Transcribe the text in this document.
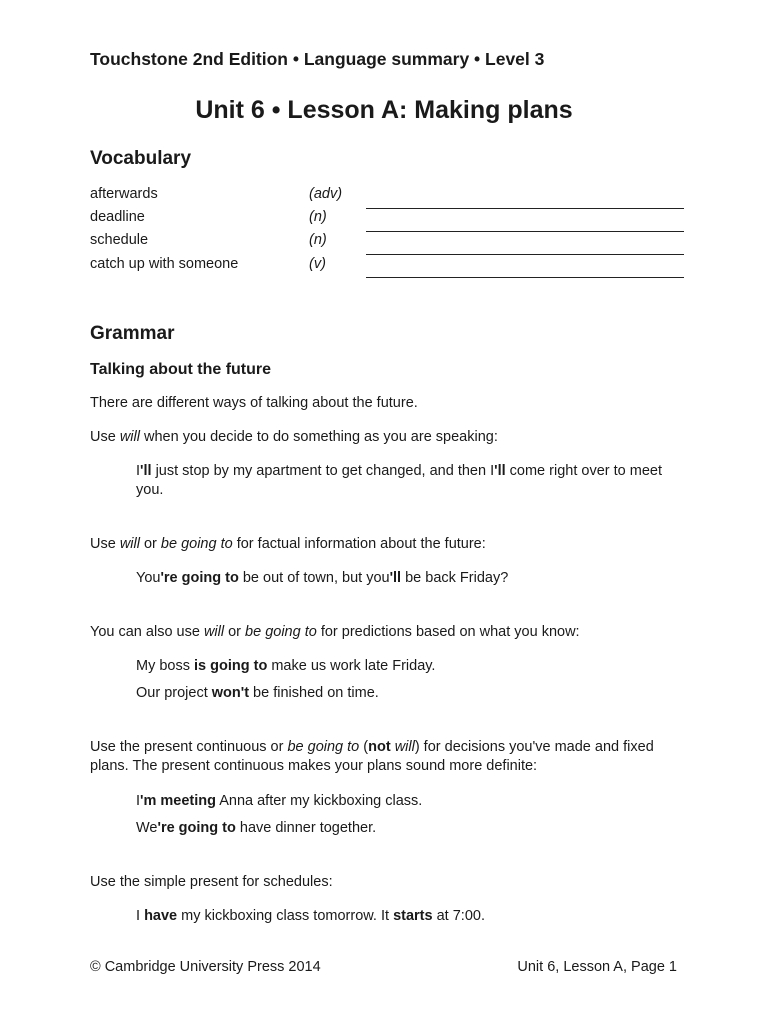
Touchstone 2nd Edition • Language summary • Level 3
Unit 6 • Lesson A: Making plans
Vocabulary
afterwards	(adv)
deadline	(n)
schedule	(n)
catch up with someone	(v)
Grammar
Talking about the future
There are different ways of talking about the future.
Use will when you decide to do something as you are speaking:
I'll just stop by my apartment to get changed, and then I'll come right over to meet you.
Use will or be going to for factual information about the future:
You're going to be out of town, but you'll be back Friday?
You can also use will or be going to for predictions based on what you know:
My boss is going to make us work late Friday.
Our project won't be finished on time.
Use the present continuous or be going to (not will) for decisions you've made and fixed plans. The present continuous makes your plans sound more definite:
I'm meeting Anna after my kickboxing class.
We're going to have dinner together.
Use the simple present for schedules:
I have my kickboxing class tomorrow. It starts at 7:00.
© Cambridge University Press 2014	Unit 6, Lesson A, Page 1
